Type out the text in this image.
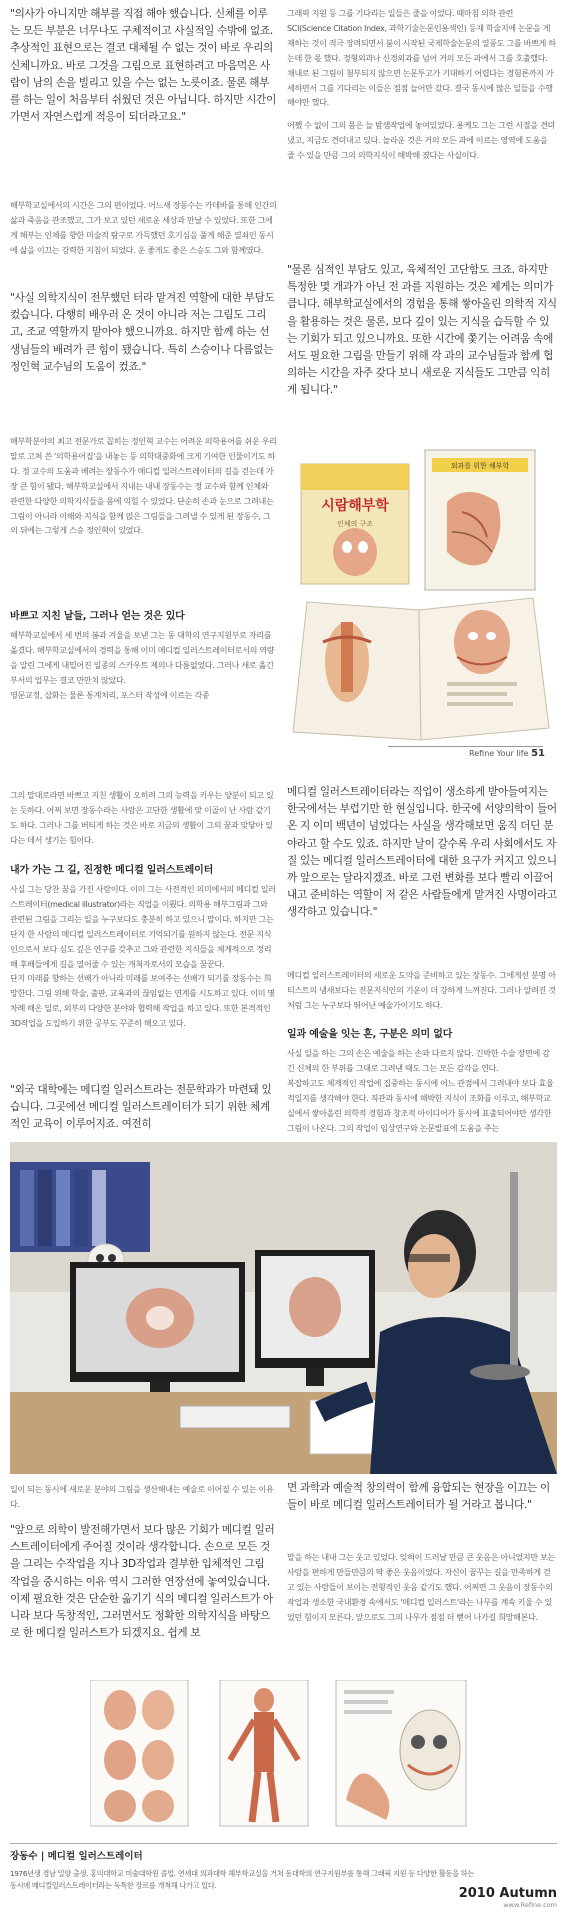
"의사가 아니지만 해부를 직접 해야 했습니다. 신체를 이루는 모든 부분은 너무나도 구체적이고 사실적일 수밖에 없죠. 추상적인 표현으로는 결코 대체될 수 없는 것이 바로 우리의 신체니까요. 바로 그것을 그림으로 표현하려고 마음먹은 사람이 남의 손을 빌리고 있을 수는 없는 노릇이죠. 물론 해부를 하는 일이 처음부터 쉬웠던 것은 아닙니다. 하지만 시간이 가면서 자연스럽게 적응이 되더라고요."

해부학교실에서의 시간은 그의 편이었다. 어느새 장동수는 카데바를 통해 인간의 삶과 죽음을 관조했고, 그가 보고 있던 새로운 세상과 만날 수 있었다. 또한 그에게 해부는 인체를 향한 미술적 탐구로 가득했던 호기심을 풀게 해준 열쇠인 동시에 삶을 이끄는 강력한 지침이 되었다. 운 좋게도 좋은 스승도 그와 함께였다.

"사실 의학지식이 전무했던 터라 맡겨진 역할에 대한 부담도 컸습니다. 다행히 배우러 온 것이 아니라 저는 그림도 그리고, 조교 역할까지 맡아야 했으니까요. 하지만 함께 하는 선생님들의 배려가 큰 힘이 됐습니다. 특히 스승이나 다름없는 정인혁 교수님의 도움이 컸죠."

해부학분야의 최고 전문가로 꼽히는 정인혁 교수는 어려운 의학용어를 쉬운 우리말로 고쳐 쓴 '의학용어집'을 내놓는 등 의학대중화에 크게 기여한 인물이기도 하다. 정 교수의 도움과 배려는 장동수가 메디컬 일러스트레이터의 길을 걷는데 가장 큰 힘이 됐다. 해부학교실에서 지내는 내내 장동수는 정 교수와 함께 인체와 관련한 다양한 의학지식들을 몸에 익힐 수 있었다. 단순히 손과 눈으로 그려내는 그림이 아니라 이해와 지식을 함께 얹은 그림들을 그려낼 수 있게 된 장동수, 그의 뒤에는 그렇게 스승 정인혁이 있었다.

바쁘고 지친 날들, 그러나 얻는 것은 있다

해부학교실에서 세 번의 봄과 겨울을 보낸 그는 동 대학의 연구지원부로 자리를 옮겼다. 해부학교실에서의 경력을 통해 이미 메디컬 일러스트레이터로서의 역량을 알린 그에게 내밀어진 일종의 스카우트 제의나 다름없었다. 그러나 새로 옮긴 부서의 업무는 결코 만만치 않았다.

영문교정, 삽화는 물론 통계처리, 포스터 작성에 이르는 각종

그래픽 지원 등 그를 기다리는 일들은 줄을 이었다. 때마침 의학 관련 SCI(Science Citation Index, 과학기술논문인용색인) 등재 학술지에 논문을 게재하는 것이 적극 장려되면서 붐이 시작된 국제학술논문의 열풍도 그를 바쁘게 하는데 한 몫 했다. 정형외과나 신경외과를 넘어 거의 모든 과에서 그를 호출했다. 채내로 된 그림이 첨부되지 않으면 논문투고가 기대하기 어렵다는 경험론까지 가세하면서 그를 기다리는 이들은 점점 늘어만 갔다. 결국 동시에 많은 일들을 수행해야만 했다.

어쨌 수 없이 그의 몸은 늘 밤샘작업에 놓여있었다. 용케도 그는 그런 시절을 견뎌냈고, 지금도 견뎌내고 있다. 놀라운 것은 거의 모든 과에 이르는 영역에 도움을 줄 수 있을 만큼 그의 의학지식이 해박해 졌다는 사실이다.

"물론 심적인 부담도 있고, 육체적인 고단함도 크죠. 하지만 특정한 몇 개과가 아닌 전 과를 지원하는 것은 제게는 의미가 큽니다. 해부학교실에서의 경험을 통해 쌓아올린 의학적 지식을 활용하는 것은 물론, 보다 깊이 있는 지식을 습득할 수 있는 기회가 되고 있으니까요. 또한 시간에 쫓기는 어려움 속에서도 필요한 그림을 만들기 위해 각 과의 교수님들과 함께 협의하는 시간을 자주 갖다 보니 새로운 지식들도 그만큼 익히게 됩니다."

시람해부학
인체의 구조
외과를 위한 해부학
Refine Your life 51

그의 말대로라면 바쁘고 지친 생활이 오히려 그의 능력을 키우는 양분이 되고 있는 듯하다. 어찌 보면 장동수라는 사람은 고단한 생활에 맞 이골이 난 사람 같기도 하다. 그러나 그를 버티게 하는 것은 바로 지금의 생활이 그의 꿈과 맞닿아 있다는 데서 생기는 힘이다.

내가 가는 그 길, 진정한 메디컬 일러스트레이터

사실 그는 당찬 꿈을 가진 사람이다. 이미 그는 사전적인 의미에서의 메디컬 일러스트레이터(medical illustrator)라는 직업을 이뤘다. 의학용 해부그림과 그와 관련된 그림을 그리는 일을 누구보다도 충분히 하고 있으니 말이다. 하지만 그는 단지 한 사람의 메디컬 일러스트레이터로 기억되기를 원하지 않는다. 전문 지식인으로서 보다 심도 깊은 연구를 갖추고 그와 관련한 지식들을 체계적으로 정리해 후배들에게 길을 열어줄 수 있는 개척자로서의 모습을 꿈꾼다.

단지 미래를 향하는 선배가 아니라 미래를 보여주는 선배가 되기를 장동수는 희망한다. 그림 위해 학술, 출판, 교육과의 끊임없는 연계를 시도하고 있다. 이미 몇 차례 해온 일로, 외부의 다양한 분야와 협력해 작업을 하고 있다. 또한 본격적인 3D작업을 도입하기 위한 공부도 꾸준히 해오고 있다.

"외국 대학에는 메디컬 일러스트라는 전문학과가 마련돼 있습니다. 그곳에선 메디컬 일러스트레이터가 되기 위한 체계적인 교육이 이루어지죠. 여전히

메디컬 일러스트레이터라는 직업이 생소하게 받아들여지는 한국에서는 부럽기만 한 현실입니다. 한국에 서양의학이 들어온 지 이미 백년이 넘었다는 사실을 생각해보면 움직 더딘 분야라고 할 수도 있죠. 하지만 날이 갈수록 우리 사회에서도 자질 있는 메디컬 일러스트레이터에 대한 요구가 커지고 있으니까 앞으로는 달라지겠죠. 바로 그런 변화를 보다 빨리 이끌어내고 준비하는 역할이 저 같은 사람들에게 맡겨진 사명이라고 생각하고 있습니다."

메디컬 일러스트레이터의 새로운 도약을 준비하고 있는 장동수. 그에게선 분명 아티스트의 냄새보다는 전문지식인의 기운이 더 강하게 느껴진다. 그러나 알려진 것처럼 그는 누구보다 뛰어난 예술가이기도 하다.

일과 예술을 잇는 혼, 구분은 의미 없다

사실 일을 하는 그의 손은 예술을 하는 손과 다르지 않다. 긴박한 수술 장면에 감긴 신체의 한 부위를 그대로 그려낸 때도 그는 모든 감각을 연다.

복잡하고도 체계적인 작업에 집중하는 동시에 어느 관점에서 그려내야 보다 효율적일지를 생각해야 한다. 직관과 동시에 해박한 지식이 조화를 이루고, 해부학교실에서 쌓아올린 의학적 경험과 창조적 아이디어가 동시에 표출되어야만 생각한 그림이 나온다. 그의 작업이 임상연구와 논문발표에 도움을 주는

일이 되는 동시에 새로운 분야의 그림을 생산해내는 예술로 이어질 수 있는 이유다.

"앞으로 의학이 발전해가면서 보다 많은 기회가 메디컬 일러스트레이터에게 주어질 것이라 생각합니다. 손으로 모든 것을 그리는 수작업을 지나 3D작업과 결부한 입체적인 그림 작업을 중시하는 이유 역시 그러한 연장선에 놓여있습니다. 이제 필요한 것은 단순한 옮기기 식의 메디컬 일러스트가 아니라 보다 독창적인, 그러면서도 정확한 의학지식을 바탕으로 한 메디컬 일러스트가 되겠지요. 쉽게 보

면 과학과 예술적 창의력이 함께 융합되는 현장을 이끄는 이들이 바로 메디컬 일러스트레이터가 될 거라고 봅니다."

말을 하는 내내 그는 웃고 있었다. 잊혀이 드러날 만큼 큰 웃음은 아니었지만 보는 사람을 편하게 만들만큼의 딱 좋은 웃음이었다. 자신이 꿈꾸는 길을 만족하게 걷고 있는 사람들이 보이는 전형적인 웃음 같기도 했다. 어쩌면 그 웃음이 장동수의 작업과 생소한 국내환경 속에서도 '메디컬 일러스트'라는 나무를 계속 키울 수 있었던 힘이지 모른다. 앞으로도 그의 나무가 점점 더 뻗어 나가길 희망해본다.

장동수 | 메디컬 일러스트레이터
1976년생 경남 밀양 출생. 홍익대학교 미술대학원 졸업. 연세대 의과대학 해부학교실을 거쳐 동대학의 연구지원부를 통해 그래픽 지원 등 다양한 활동을 하는 동시에 메디컬일러스트레이터라는 독특한 장르를 개척해 나가고 있다.
2010 Autumn
www.Refine.com
